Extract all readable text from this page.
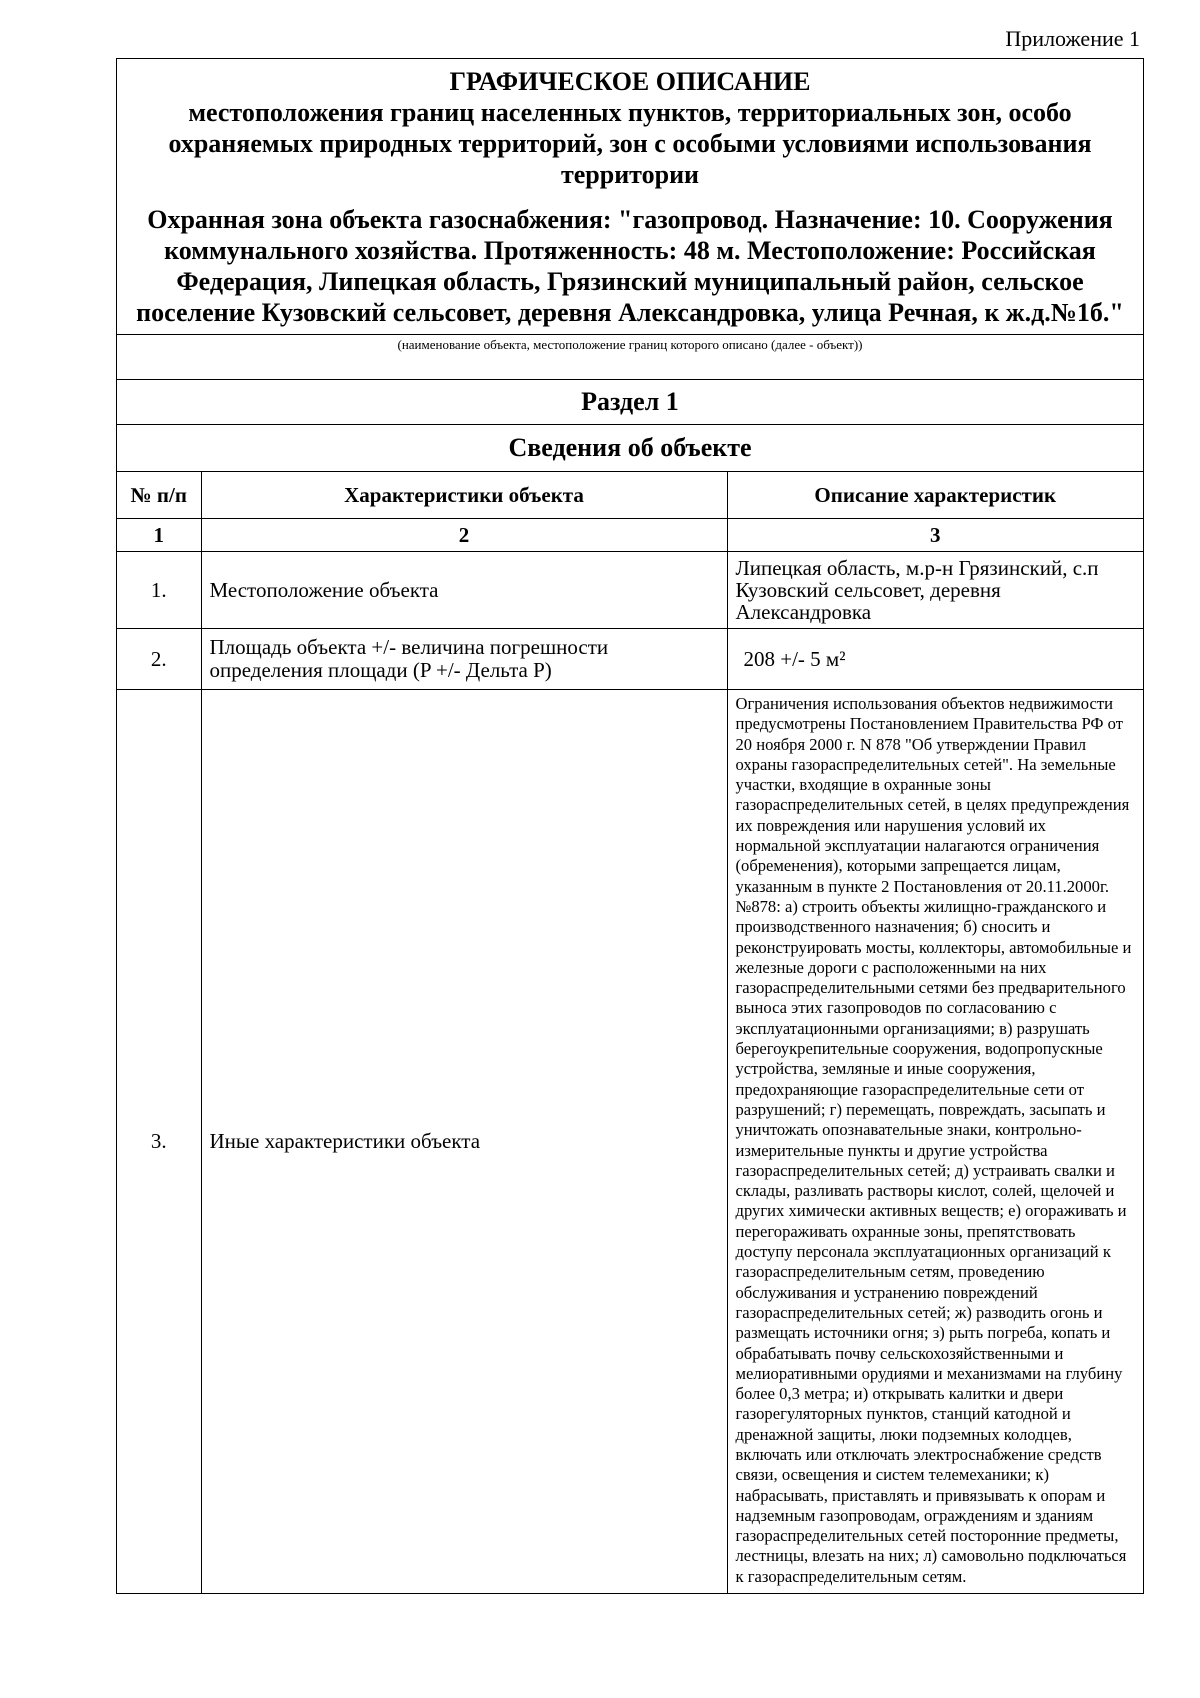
Приложение 1

ГРАФИЧЕСКОЕ ОПИСАНИЕ

местоположения границ населенных пунктов, территориальных зон, особо охраняемых природных территорий, зон с особыми условиями использования территории

Охранная зона объекта газоснабжения: "газопровод. Назначение: 10. Сооружения коммунального хозяйства. Протяженность: 48 м. Местоположение: Российская Федерация, Липецкая область, Грязинский муниципальный район, сельское поселение Кузовский сельсовет, деревня Александровка, улица Речная, к ж.д.№1б."

(наименование объекта, местоположение границ которого описано (далее - объект))
Раздел 1
Сведения об объекте		
№ п/п	Характеристики объекта	Описание характеристик
1	2	3
1.	Местоположение объекта	Липецкая область, м.р-н Грязинский, с.п Кузовский сельсовет, деревня Александровка
2.	Площадь объекта +/- величина погрешности определения площади (P +/- Дельта P)	208 +/- 5 м²
3.	Иные характеристики объекта	Ограничения использования объектов недвижимости предусмотрены Постановлением Правительства РФ от 20 ноября 2000 г. N 878 "Об утверждении Правил охраны газораспределительных сетей". На земельные участки, входящие в охранные зоны газораспределительных сетей, в целях предупреждения их повреждения или нарушения условий их нормальной эксплуатации налагаются ограничения (обременения), которыми запрещается лицам, указанным в пункте 2 Постановления от 20.11.2000г. №878: а) строить объекты жилищно-гражданского и производственного назначения; б) сносить и реконструировать мосты, коллекторы, автомобильные и железные дороги с расположенными на них газораспределительными сетями без предварительного выноса этих газопроводов по согласованию с эксплуатационными организациями; в) разрушать берегоукрепительные сооружения, водопропускные устройства, земляные и иные сооружения, предохраняющие газораспределительные сети от разрушений; г) перемещать, повреждать, засыпать и уничтожать опознавательные знаки, контрольно-измерительные пункты и другие устройства газораспределительных сетей; д) устраивать свалки и склады, разливать растворы кислот, солей, щелочей и других химически активных веществ; е) огораживать и перегораживать охранные зоны, препятствовать доступу персонала эксплуатационных организаций к газораспределительным сетям, проведению обслуживания и устранению повреждений газораспределительных сетей; ж) разводить огонь и размещать источники огня; з) рыть погреба, копать и обрабатывать почву сельскохозяйственными и мелиоративными орудиями и механизмами на глубину более 0,3 метра; и) открывать калитки и двери газорегуляторных пунктов, станций катодной и дренажной защиты, люки подземных колодцев, включать или отключать электроснабжение средств связи, освещения и систем телемеханики; к) набрасывать, приставлять и привязывать к опорам и надземным газопроводам, ограждениям и зданиям газораспределительных сетей посторонние предметы, лестницы, влезать на них; л) самовольно подключаться к газораспределительным сетям.
